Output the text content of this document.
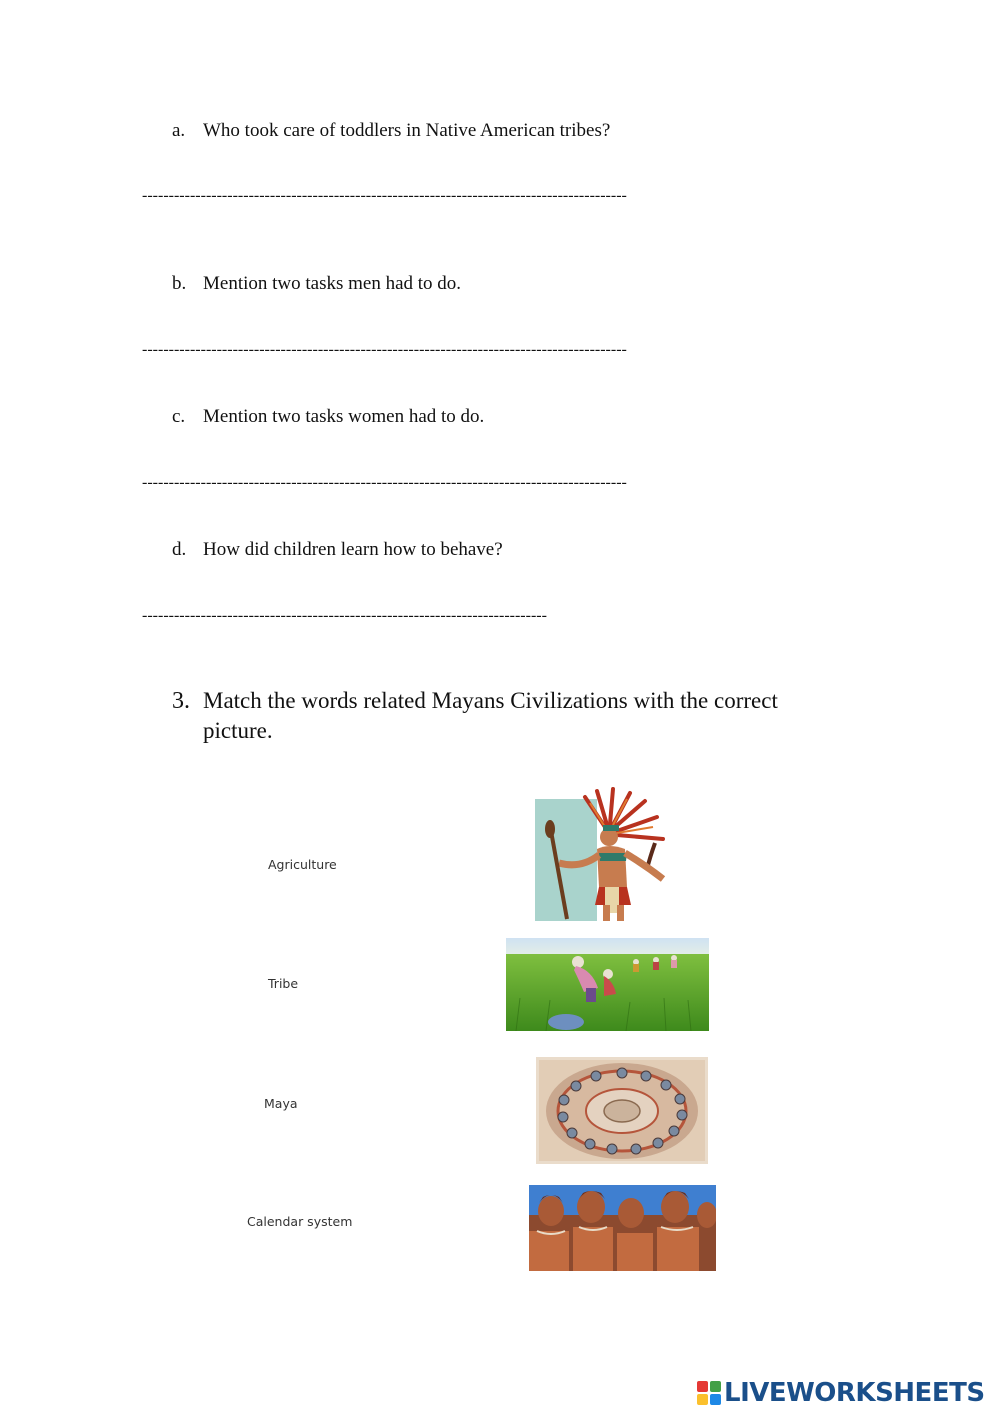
a. Who took care of toddlers in Native American tribes?
-------------------------------------------------------------------------------------------
b. Mention two tasks men had to do.
-------------------------------------------------------------------------------------------
c. Mention two tasks women had to do.
-------------------------------------------------------------------------------------------
d. How did children learn how to behave?
----------------------------------------------------------------------------
3. Match the words related Mayans Civilizations with the correct picture.
Agriculture
Tribe
Maya
Calendar system
LIVEWORKSHEETS
